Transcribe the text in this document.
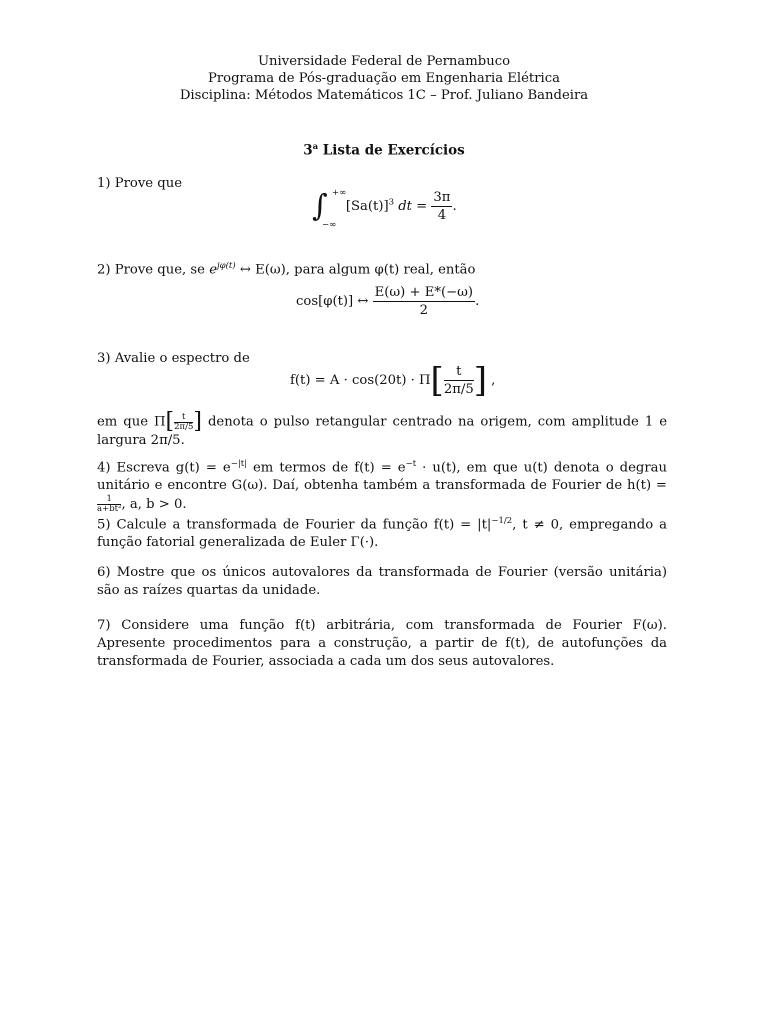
Universidade Federal de Pernambuco
Programa de Pós-graduação em Engenharia Elétrica
Disciplina: Métodos Matemáticos 1C – Prof. Juliano Bandeira
3$^a$ Lista de Exercícios
1) Prove que
∫ +∞
−∞
$[Sa(t)]^3$ dt = $\frac{3\pi}{4}$ .
2) Prove que, se $e^{j\varphi(t)}$ ↔ E(ω), para algum φ(t) real, então
cos[φ(t)] ↔ $\frac{E(\omega) + E*(-\omega)}{2}$ .
3) Avalie o espectro de
$f(t) = A \cdot \cos(20t) \cdot \Pi[ \frac{t}{2\pi/5}$ ] ,
em que $\Pi[ \frac{t}{2\pi/5}$ ] denota o pulso retangular centrado na origem, com amplitude 1 e largura 2π/5.
4) Escreva $g(t) = e^{-|t|}$ em termos de $f(t) = e^{-t} \cdot u(t)$, em que u(t) denota o degrau unitário e encontre G(ω). Daí, obtenha também a transformada de Fourier de h(t) =
$\frac{1}{\text{a+bt²}}$ , a, b > 0.
5) Calcule a transformada de Fourier da função $f(t) = |t|^{-1/2}$, t ≠ 0, empregando a função fatorial generalizada de Euler Γ(·).
6) Mostre que os únicos autovalores da transformada de Fourier (versão unitária) são as raízes quartas da unidade.
7) Considere uma função f(t) arbitrária, com transformada de Fourier F(ω). Apresente procedimentos para a construção, a partir de f(t), de autofunções da transformada de Fourier, associada a cada um dos seus autovalores.
